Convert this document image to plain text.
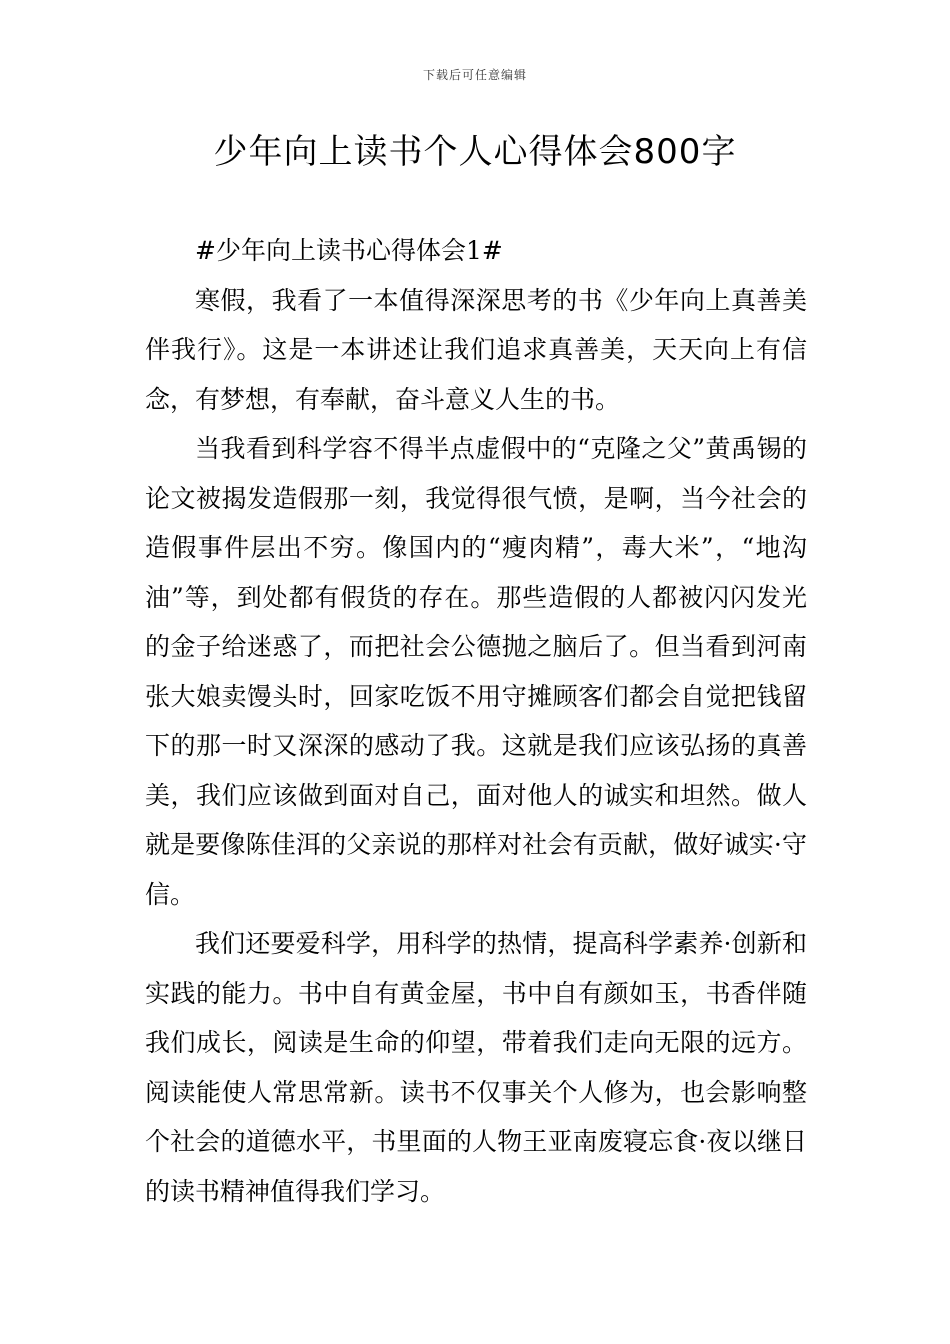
下载后可任意编辑
少年向上读书个人心得体会800字

#少年向上读书心得体会1#

寒假，我看了一本值得深深思考的书《少年向上真善美伴我行》。这是一本讲述让我们追求真善美，天天向上有信念，有梦想，有奉献，奋斗意义人生的书。

当我看到科学容不得半点虚假中的“克隆之父”黄禹锡的论文被揭发造假那一刻，我觉得很气愤，是啊，当今社会的造假事件层出不穷。像国内的“瘦肉精”，毒大米”，“地沟油”等，到处都有假货的存在。那些造假的人都被闪闪发光的金子给迷惑了，而把社会公德抛之脑后了。但当看到河南张大娘卖馒头时，回家吃饭不用守摊顾客们都会自觉把钱留下的那一时又深深的感动了我。这就是我们应该弘扬的真善美，我们应该做到面对自己，面对他人的诚实和坦然。做人就是要像陈佳洱的父亲说的那样对社会有贡献，做好诚实·守信。

我们还要爱科学，用科学的热情，提高科学素养·创新和实践的能力。书中自有黄金屋，书中自有颜如玉，书香伴随我们成长，阅读是生命的仰望，带着我们走向无限的远方。阅读能使人常思常新。读书不仅事关个人修为，也会影响整个社会的道德水平，书里面的人物王亚南废寝忘食·夜以继日的读书精神值得我们学习。
